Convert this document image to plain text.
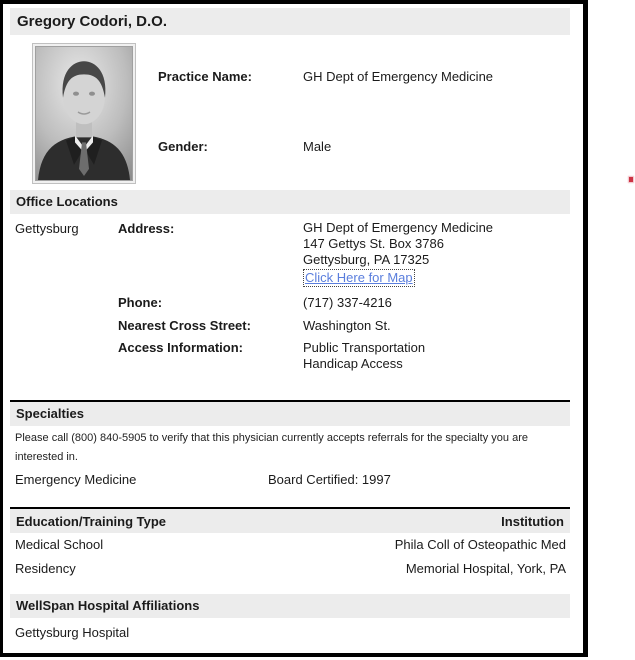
Gregory Codori, D.O.
Practice Name:	GH Dept of Emergency Medicine
Gender:	Male
Office Locations
Gettysburg	Address:	GH Dept of Emergency Medicine
147 Gettys St. Box 3786
Gettysburg, PA 17325
Click Here for Map
Phone:	(717) 337-4216
Nearest Cross Street:	Washington St.
Access Information:	Public Transportation
Handicap Access
Specialties
Please call (800) 840-5905 to verify that this physician currently accepts referrals for the specialty you are interested in.
Emergency Medicine	Board Certified: 1997
Education/Training Type	Institution
Medical School	Phila Coll of Osteopathic Med
Residency	Memorial Hospital, York, PA
WellSpan Hospital Affiliations
Gettysburg Hospital
